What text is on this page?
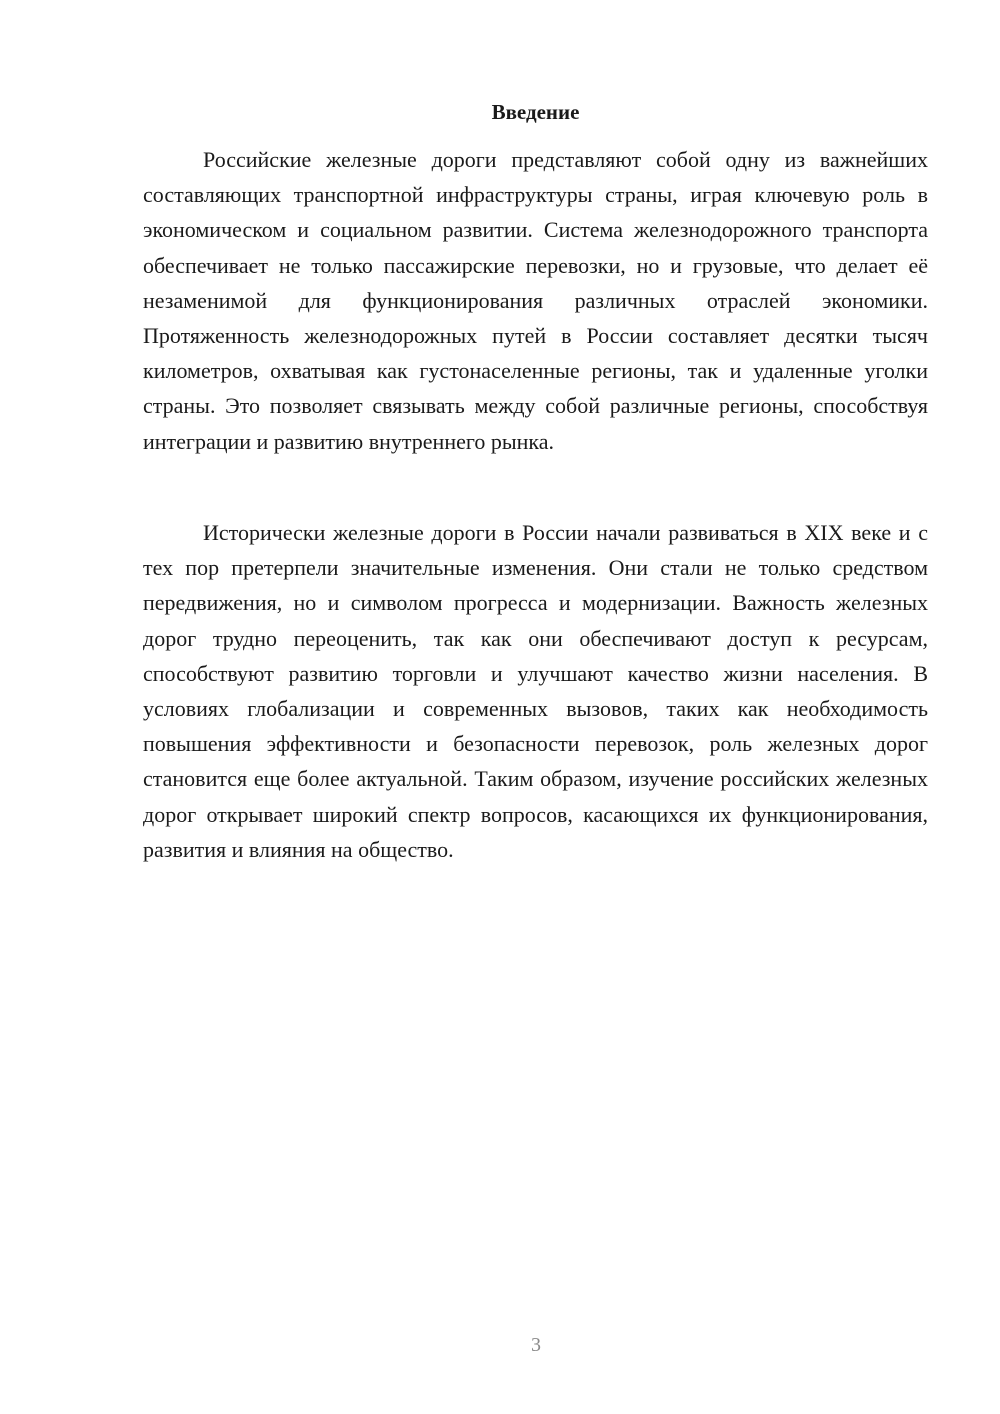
Введение

Российские железные дороги представляют собой одну из важнейших составляющих транспортной инфраструктуры страны, играя ключевую роль в экономическом и социальном развитии. Система железнодорожного транспорта обеспечивает не только пассажирские перевозки, но и грузовые, что делает её незаменимой для функционирования различных отраслей экономики. Протяженность железнодорожных путей в России составляет десятки тысяч километров, охватывая как густонаселенные регионы, так и удаленные уголки страны. Это позволяет связывать между собой различные регионы, способствуя интеграции и развитию внутреннего рынка.

Исторически железные дороги в России начали развиваться в XIX веке и с тех пор претерпели значительные изменения. Они стали не только средством передвижения, но и символом прогресса и модернизации. Важность железных дорог трудно переоценить, так как они обеспечивают доступ к ресурсам, способствуют развитию торговли и улучшают качество жизни населения. В условиях глобализации и современных вызовов, таких как необходимость повышения эффективности и безопасности перевозок, роль железных дорог становится еще более актуальной. Таким образом, изучение российских железных дорог открывает широкий спектр вопросов, касающихся их функционирования, развития и влияния на общество.

3
